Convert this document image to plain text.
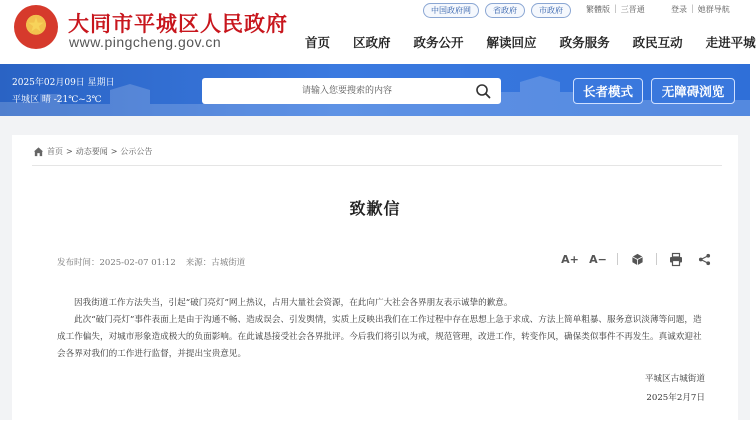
大同市平城区人民政府
www.pingcheng.gov.cn
中国政府网	省政府	市政府	繁體版 | 三晋通	登录 | 她群导航
首页 区政府 政务公开 解读回应 政务服务 政民互动 走进平城
2025年02月09日 星期日
平城区 晴 -21℃~3℃
请输入您要搜索的内容
长者模式	无障碍浏览
首页 > 动态要闻 > 公示公告
致歉信
发布时间：2025-02-07 01:12 来源：古城街道	A+ A−

因我街道工作方法失当，引起“破门亮灯”网上热议，占用大量社会资源，在此向广大社会各界朋友表示诚挚的歉意。

此次“破门亮灯”事件表面上是由于沟通不畅、造成误会、引发舆情，实质上反映出我们在工作过程中存在思想上急于求成、方法上简单粗暴、服务意识淡薄等问题，造成工作偏失，对城市形象造成极大的负面影响。在此诚恳接受社会各界批评。今后我们将引以为戒，规范管理，改进工作，转变作风，确保类似事件不再发生。真诚欢迎社会各界对我们的工作进行监督，并提出宝贵意见。

平城区古城街道
2025年2月7日
